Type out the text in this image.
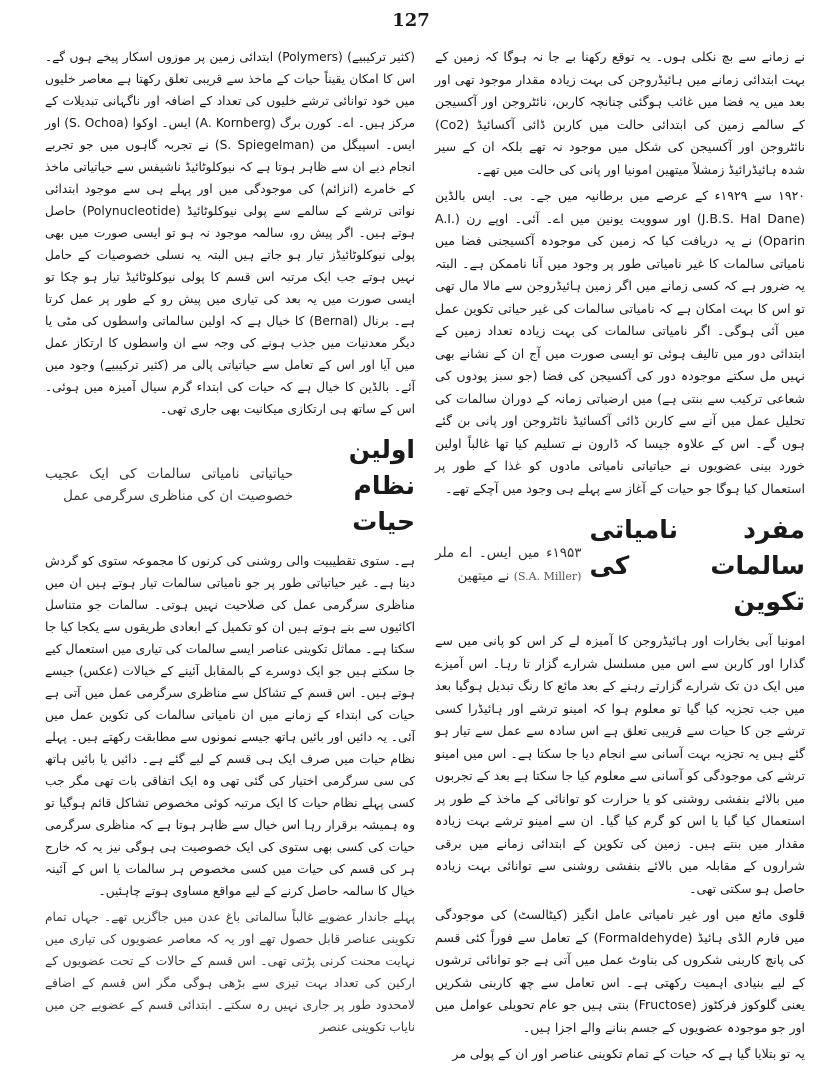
127

نے زمانے سے بچ نکلی ہوں۔ یہ توقع رکھنا بے جا نہ ہوگا کہ زمین کے بہت ابتدائی زمانے میں ہائیڈروجن کی بہت زیادہ مقدار موجود تھی اور بعد میں یہ فضا میں غائب ہوگئی چنانچہ کاربن، نائٹروجن اور آکسیجن کے سالمے زمین کی ابتدائی حالت میں کاربن ڈائی آکسائیڈ (Co2) نائٹروجن اور آکسیجن کی شکل میں موجود نہ تھے بلکہ ان کے سیر شدہ ہائیڈرائیڈ زمشلاً میتھین امونیا اور پانی کی حالت میں تھے۔

۱۹۲۰ سے ۱۹۲۹ء کے عرصے میں برطانیہ میں جے۔ بی۔ ایس بالڈین (J.B.S. Hal Dane) اور سوویت یونین میں اے۔ آئی۔ اوپے رن (A.I. Oparin) نے یہ دریافت کیا کہ زمین کی موجودہ آکسیجنی فضا میں نامیاتی سالمات کا غیر نامیاتی طور پر وجود میں آنا ناممکن ہے۔ البتہ یہ ضرور ہے کہ کسی زمانے میں اگر زمین ہائیڈروجن سے مالا مال تھی تو اس کا بہت امکان ہے کہ نامیاتی سالمات کی غیر حیاتی تکوین عمل میں آئی ہوگی۔ اگر نامیاتی سالمات کی بہت زیادہ تعداد زمین کے ابتدائی دور میں تالیف ہوئی تو ایسی صورت میں آج ان کے نشانے بھی نہیں مل سکتے موجودہ دور کی آکسیجن کی فضا (جو سبز پودوں کی شعاعی ترکیب سے بنتی ہے) میں ارضیاتی زمانہ کے دوران سالمات کی تحلیل عمل میں آنے سے کاربن ڈائی آکسائیڈ نائٹروجن اور پانی بن گئے ہوں گے۔ اس کے علاوہ جیسا کہ ڈارون نے تسلیم کیا تھا غالباً اولین خورد بینی عضویوں نے حیاتیاتی نامیاتی مادوں کو غذا کے طور پر استعمال کیا ہوگا جو حیات کے آغاز سے پہلے ہی وجود میں آچکے تھے۔

مفرد نامیاتی سالمات کی تکوین
۱۹۵۳ء میں ایس۔ اے ملر (S.A. Miller) نے میتھین

امونیا آبی بخارات اور ہائیڈروجن کا آمیزہ لے کر اس کو پانی میں سے گذارا اور کاربن سے اس میں مسلسل شرارے گزار تا رہا۔ اس آمیزے میں ایک دن تک شرارے گزارتے رہنے کے بعد مائع کا رنگ تبدیل ہوگیا بعد میں جب تجزیہ کیا گیا تو معلوم ہوا کہ امینو ترشے اور ہائیڈرا کسی ترشے جن کا حیات سے قریبی تعلق ہے اس سادہ سے عمل سے تیار ہو گئے ہیں یہ تجزیہ بہت آسانی سے انجام دیا جا سکتا ہے۔ اس میں امینو ترشے کی موجودگی کو آسانی سے معلوم کیا جا سکتا ہے بعد کے تجربوں میں بالائے بنفشی روشنی کو یا حرارت کو توانائی کے ماخذ کے طور پر استعمال کیا گیا یا اس کو گرم کیا گیا۔ ان سے امینو ترشے بہت زیادہ مقدار میں بنتے ہیں۔ زمین کی تکوین کے ابتدائی زمانے میں برقی شراروں کے مقابلہ میں بالائے بنفشی روشنی سے توانائی بہت زیادہ حاصل ہو سکتی تھی۔

قلوی مائع میں اور غیر نامیاتی عامل انگیز (کیٹالسٹ) کی موجودگی میں فارم الڈی ہائیڈ (Formaldehyde) کے تعامل سے فوراً کئی قسم کی پانچ کاربنی شکروں کی بناوٹ عمل میں آتی ہے جو توانائی ترشوں کے لیے بنیادی اہمیت رکھتی ہے۔ اس تعامل سے چھ کاربنی شکریں یعنی گلوکوز فرکٹوز (Fructose) بنتی ہیں جو عام تحویلی عوامل میں اور جو موجودہ عضویوں کے جسم بنانے والے اجزا ہیں۔

یہ تو بتلایا گیا ہے کہ حیات کے تمام تکوینی عناصر اور ان کے پولی مر

(کثیر ترکیبیے) (Polymers) ابتدائی زمین پر موزوں اسکار پیخے ہوں گے۔ اس کا امکان یقیناً حیات کے ماخذ سے قریبی تعلق رکھتا ہے معاصر خلیوں میں خود توانائی ترشے خلیوں کی تعداد کے اضافہ اور ناگہانی تبدیلات کے مرکز ہیں۔ اے۔ کورن برگ (A. Kornberg) ایس۔ اوکوا (S. Ochoa) اور ایس۔ اسپیگل من (S. Spiegelman) نے تجربہ گاہوں میں جو تجربے انجام دیے ان سے ظاہر ہوتا ہے کہ نیوکلوٹائیڈ ناشیفس سے حیاتیاتی ماخذ کے خامرے (انزائم) کی موجودگی میں اور پہلے ہی سے موجود ابتدائی نواتی ترشے کے سالمے سے پولی نیوکلوٹائیڈ (Polynucleotide) حاصل ہوتے ہیں۔ اگر پیش رو، سالمہ موجود نہ ہو تو ایسی صورت میں بھی پولی نیوکلوٹائیڈز تیار ہو جاتے ہیں البتہ یہ نسلی خصوصیات کے حامل نہیں ہوتے جب ایک مرتبہ اس قسم کا پولی نیوکلوٹائیڈ تیار ہو چکا تو ایسی صورت میں یہ بعد کی تیاری میں پیش رو کے طور پر عمل کرتا ہے۔ برنال (Bernal) کا خیال ہے کہ اولین سالماتی واسطوں کی مٹی یا دیگر معدنیات میں جذب ہونے کی وجہ سے ان واسطوں کا ارتکاز عمل میں آیا اور اس کے تعامل سے حیاتیاتی پالی مر (کثیر ترکیبیے) وجود میں آئے۔ بالڈین کا خیال ہے کہ حیات کی ابتداء گرم سیال آمیزہ میں ہوئی۔ اس کے ساتھ ہی ارتکازی میکانیت بھی جاری تھی۔

اولین نظام حیات
حیاتیاتی نامیاتی سالمات کی ایک عجیب خصوصیت ان کی مناظری سرگرمی عمل

ہے۔ ستوی تقطیبیت والی روشنی کی کرنوں کا مجموعہ ستوی کو گردش دینا ہے۔ غیر حیاتیاتی طور پر جو نامیاتی سالمات تیار ہوتے ہیں ان میں مناظری سرگرمی عمل کی صلاحیت نہیں ہوتی۔ سالمات جو متناسل اکائیوں سے بنے ہوتے ہیں ان کو تکمیل کے ابعادی طریقوں سے یکجا کیا جا سکتا ہے۔ مماثل تکوینی عناصر ایسے سالمات کی تیاری میں استعمال کیے جا سکتے ہیں جو ایک دوسرے کے بالمقابل آئینے کے خیالات (عکس) جیسے ہوتے ہیں۔ اس قسم کے تشاکل سے مناظری سرگرمی عمل میں آتی ہے حیات کی ابتداء کے زمانے میں ان نامیاتی سالمات کی تکوین عمل میں آئی۔ یہ دائیں اور بائیں ہاتھ جیسے نمونوں سے مطابقت رکھتے ہیں۔ پہلے نظام حیات میں صرف ایک ہی قسم کے لیے گئے ہے۔ دائیں یا بائیں ہاتھ کی سی سرگرمی اختیار کی گئی تھی وہ ایک اتفاقی بات تھی مگر جب کسی پہلے نظام حیات کا ایک مرتبہ کوئی مخصوص تشاکل قائم ہوگیا تو وہ ہمیشہ برقرار رہا اس خیال سے ظاہر ہوتا ہے کہ مناظری سرگرمی حیات کی کسی بھی ستوی کی ایک خصوصیت ہی ہوگی نیز یہ کہ خارج ہر کی قسم کی حیات میں کسی مخصوص ہر سالمات یا اس کے آئینہ خیال کا سالمہ حاصل کرنے کے لیے مواقع مساوی ہوتے چاہئیں۔

پہلے جاندار عضویے غالباً سالماتی باغ عدن میں جاگزیں تھے۔ جہاں تمام تکوینی عناصر قابل حصول تھے اور یہ کہ معاصر عضویوں کی تیاری میں نہایت محنت کرنی پڑتی تھی۔ اس قسم کے حالات کے تحت عضویوں کے ارکین کی تعداد بہت تیزی سے بڑھی ہوگی مگر اس قسم کے اضافے لامحدود طور پر جاری نہیں رہ سکتے۔ ابتدائی قسم کے عضویے جن میں نایاب تکوینی عنصر
